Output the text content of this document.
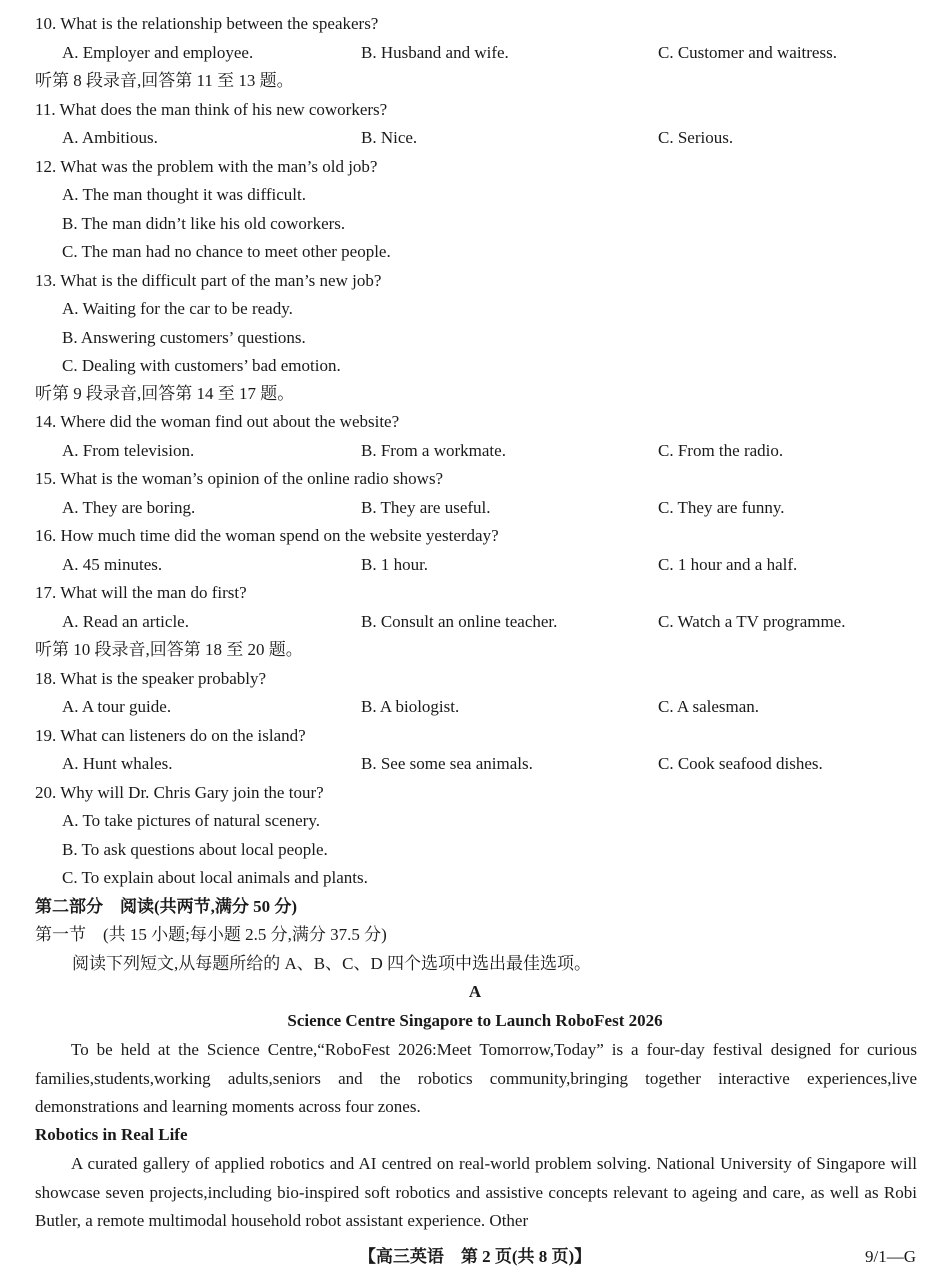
10. What is the relationship between the speakers?
A. Employer and employee.	B. Husband and wife.	C. Customer and waitress.
听第 8 段录音,回答第 11 至 13 题。
11. What does the man think of his new coworkers?
A. Ambitious.	B. Nice.	C. Serious.
12. What was the problem with the man’s old job?
A. The man thought it was difficult.
B. The man didn’t like his old coworkers.
C. The man had no chance to meet other people.
13. What is the difficult part of the man’s new job?
A. Waiting for the car to be ready.
B. Answering customers’ questions.
C. Dealing with customers’ bad emotion.
听第 9 段录音,回答第 14 至 17 题。
14. Where did the woman find out about the website?
A. From television.	B. From a workmate.	C. From the radio.
15. What is the woman’s opinion of the online radio shows?
A. They are boring.	B. They are useful.	C. They are funny.
16. How much time did the woman spend on the website yesterday?
A. 45 minutes.	B. 1 hour.	C. 1 hour and a half.
17. What will the man do first?
A. Read an article.	B. Consult an online teacher.	C. Watch a TV programme.
听第 10 段录音,回答第 18 至 20 题。
18. What is the speaker probably?
A. A tour guide.	B. A biologist.	C. A salesman.
19. What can listeners do on the island?
A. Hunt whales.	B. See some sea animals.	C. Cook seafood dishes.
20. Why will Dr. Chris Gary join the tour?
A. To take pictures of natural scenery.
B. To ask questions about local people.
C. To explain about local animals and plants.
第二部分　阅读(共两节,满分 50 分)
第一节　(共 15 小题;每小题 2.5 分,满分 37.5 分)
阅读下列短文,从每题所给的 A、B、C、D 四个选项中选出最佳选项。
A
Science Centre Singapore to Launch RoboFest 2026
To be held at the Science Centre,“RoboFest 2026:Meet Tomorrow,Today” is a four-day festival designed for curious families,students,working adults,seniors and the robotics community,bringing together interactive experiences,live demonstrations and learning moments across four zones.
Robotics in Real Life
A curated gallery of applied robotics and AI centred on real-world problem solving. National University of Singapore will showcase seven projects,including bio-inspired soft robotics and assistive concepts relevant to ageing and care, as well as Robi Butler, a remote multimodal household robot assistant experience. Other
【高三英语　第 2 页(共 8 页)】	9/1—G
